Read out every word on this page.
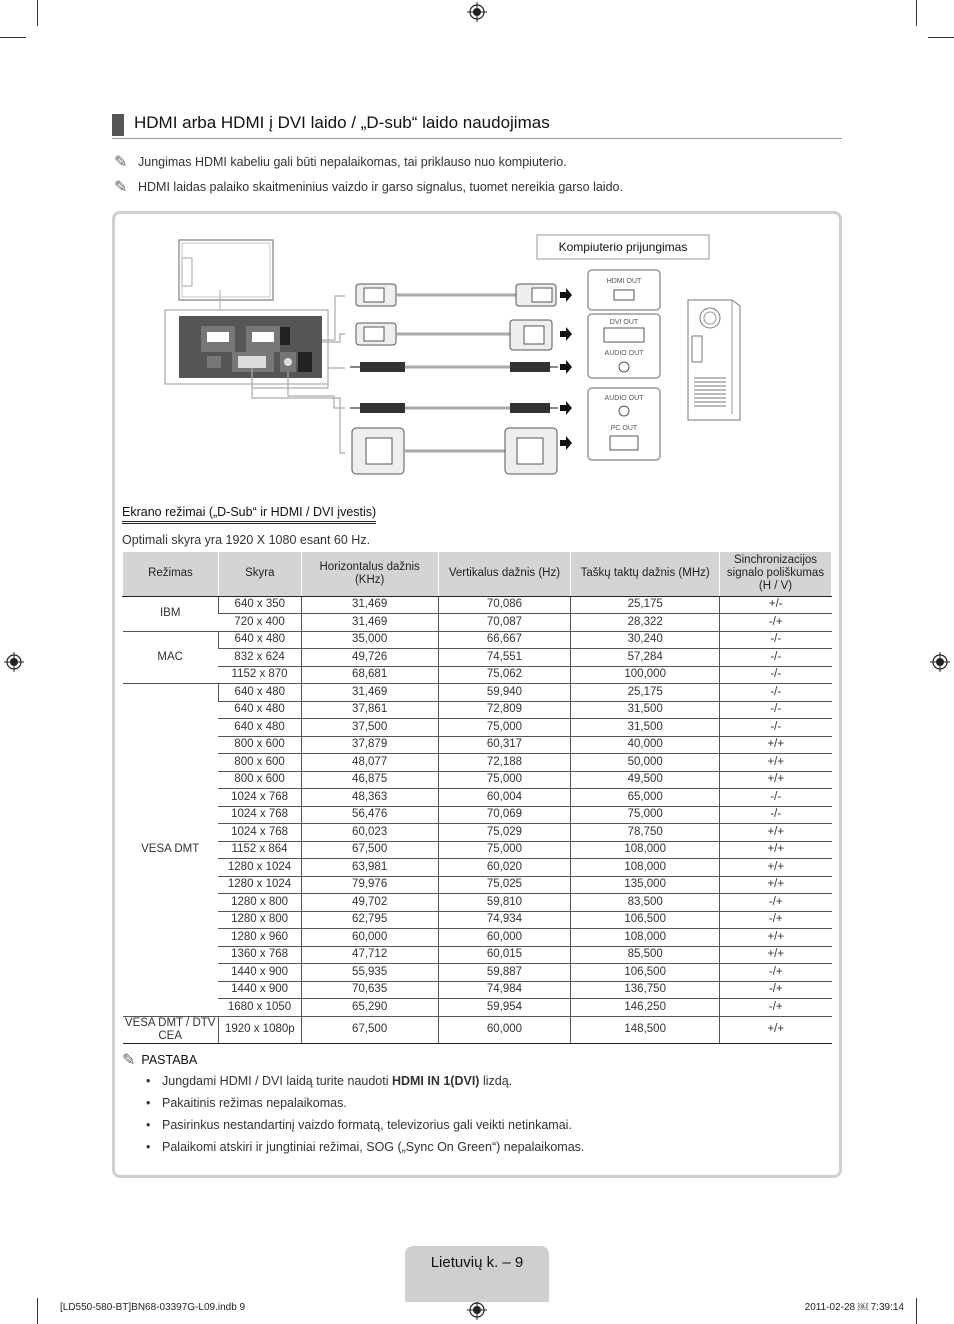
HDMI arba HDMI į DVI laido / „D-sub“ laido naudojimas
✎ Jungimas HDMI kabeliu gali būti nepalaikomas, tai priklauso nuo kompiuterio.
✎ HDMI laidas palaiko skaitmeninius vaizdo ir garso signalus, tuomet nereikia garso laido.
Kompiuterio prijungimas
HDMI OUT
DVI OUT
AUDIO OUT
AUDIO OUT
PC OUT
Ekrano režimai („D-Sub“ ir HDMI / DVI įvestis)
Optimali skyra yra 1920 X 1080 esant 60 Hz.
Režimas	Skyra	Horizontalus dažnis (KHz)	Vertikalus dažnis (Hz)	Taškų taktų dažnis (MHz)	Sinchronizacijos signalo poliškumas (H / V)
IBM	640 x 350	31,469	70,086	25,175	+/-
	720 x 400	31,469	70,087	28,322	-/+
MAC	640 x 480	35,000	66,667	30,240	-/-
	832 x 624	49,726	74,551	57,284	-/-
	1152 x 870	68,681	75,062	100,000	-/-
VESA DMT	640 x 480	31,469	59,940	25,175	-/-
	640 x 480	37,861	72,809	31,500	-/-
	640 x 480	37,500	75,000	31,500	-/-
	800 x 600	37,879	60,317	40,000	+/+
	800 x 600	48,077	72,188	50,000	+/+
	800 x 600	46,875	75,000	49,500	+/+
	1024 x 768	48,363	60,004	65,000	-/-
	1024 x 768	56,476	70,069	75,000	-/-
	1024 x 768	60,023	75,029	78,750	+/+
	1152 x 864	67,500	75,000	108,000	+/+
	1280 x 1024	63,981	60,020	108,000	+/+
	1280 x 1024	79,976	75,025	135,000	+/+
	1280 x 800	49,702	59,810	83,500	-/+
	1280 x 800	62,795	74,934	106,500	-/+
	1280 x 960	60,000	60,000	108,000	+/+
	1360 x 768	47,712	60,015	85,500	+/+
	1440 x 900	55,935	59,887	106,500	-/+
	1440 x 900	70,635	74,984	136,750	-/+
	1680 x 1050	65,290	59,954	146,250	-/+
VESA DMT / DTV CEA	1920 x 1080p	67,500	60,000	148,500	+/+
✎ PASTABA
• Jungdami HDMI / DVI laidą turite naudoti HDMI IN 1(DVI) lizdą.
• Pakaitinis režimas nepalaikomas.
• Pasirinkus nestandartinį vaizdo formatą, televizorius gali veikti netinkamai.
• Palaikomi atskiri ir jungtiniai režimai, SOG („Sync On Green“) nepalaikomas.
Lietuvių k. – 9
[LD550-580-BT]BN68-03397G-L09.indb 9	2011-02-28 ￼ 7:39:14
